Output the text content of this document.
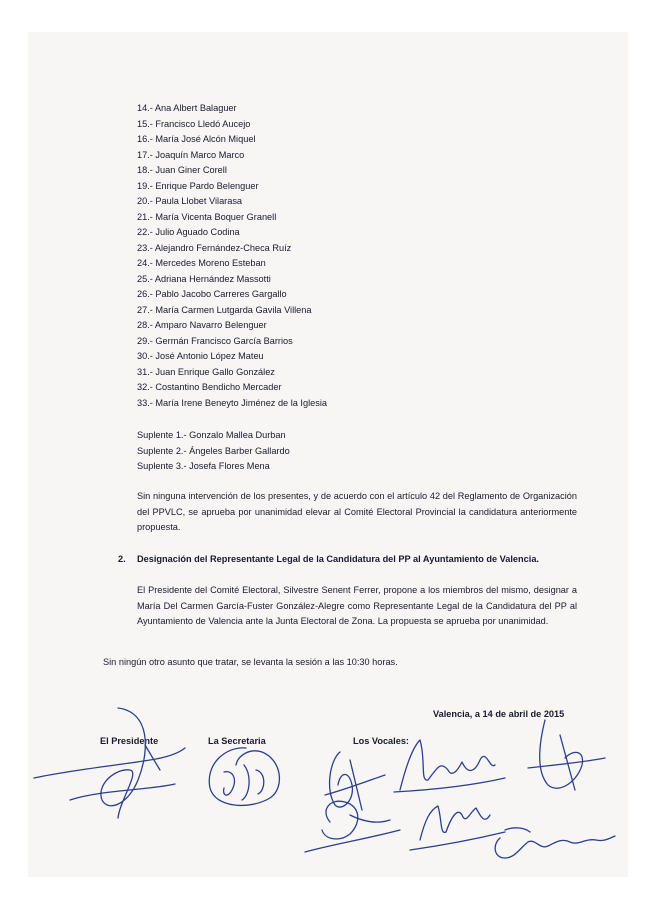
14.- Ana Albert Balaguer
15.- Francisco Lledó Aucejo
16.- María José Alcón Miquel
17.- Joaquín Marco Marco
18.- Juan Giner Corell
19.- Enrique Pardo Belenguer
20.- Paula Llobet Vilarasa
21.- María Vicenta Boquer Granell
22.- Julio Aguado Codina
23.- Alejandro Fernández-Checa Ruíz
24.- Mercedes Moreno Esteban
25.- Adriana Hernández Massotti
26.- Pablo Jacobo Carreres Gargallo
27.- María Carmen Lutgarda Gavila Villena
28.- Amparo Navarro Belenguer
29.- Germán Francisco García Barrios
30.- José Antonio López Mateu
31.- Juan Enrique Gallo González
32.- Costantino Bendicho Mercader
33.- María Irene Beneyto Jiménez de la Iglesia
Suplente 1.- Gonzalo Mallea Durban
Suplente 2.- Ángeles Barber Gallardo
Suplente 3.- Josefa Flores Mena

Sin ninguna intervención de los presentes, y de acuerdo con el artículo 42 del Reglamento de Organización del PPVLC, se aprueba por unanimidad elevar al Comité Electoral Provincial la candidatura anteriormente propuesta.

2. Designación del Representante Legal de la Candidatura del PP al Ayuntamiento de Valencia.

El Presidente del Comité Electoral, Silvestre Senent Ferrer, propone a los miembros del mismo, designar a María Del Carmen García-Fuster González-Alegre como Representante Legal de la Candidatura del PP al Ayuntamiento de Valencia ante la Junta Electoral de Zona. La propuesta se aprueba por unanimidad.

Sin ningún otro asunto que tratar, se levanta la sesión a las 10:30 horas.

Valencia, a 14 de abril de 2015

El Presidente	La Secretaria	Los Vocales:
